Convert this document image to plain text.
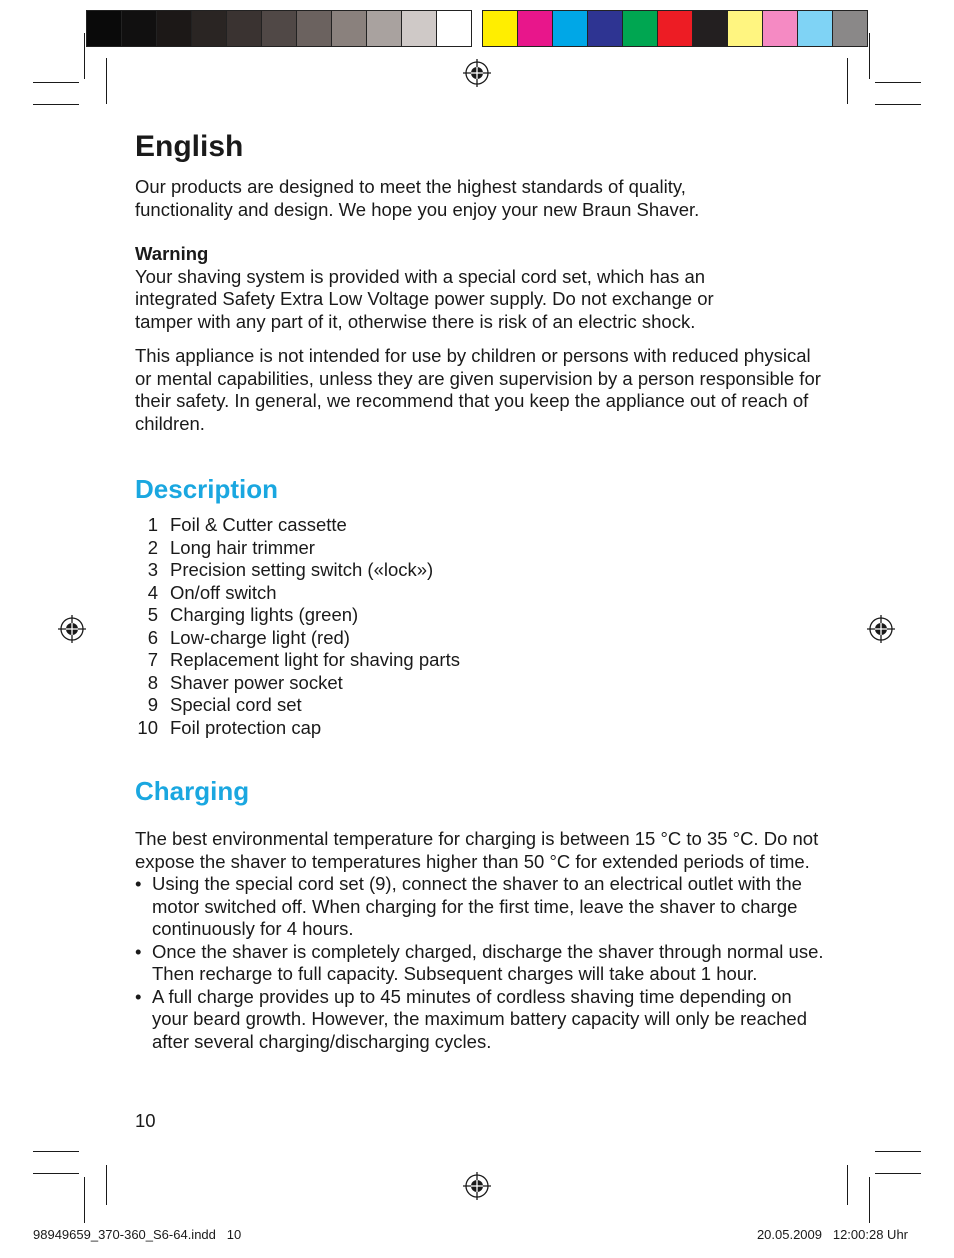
English

Our products are designed to meet the highest standards of quality, functionality and design. We hope you enjoy your new Braun Shaver.

Warning

Your shaving system is provided with a special cord set, which has an integrated Safety Extra Low Voltage power supply. Do not exchange or tamper with any part of it, otherwise there is risk of an electric shock.

This appliance is not intended for use by children or persons with reduced physical or mental capabilities, unless they are given supervision by a person responsible for their safety. In general, we recommend that you keep the appliance out of reach of children.

Description
1 Foil & Cutter cassette
2 Long hair trimmer
3 Precision setting switch («lock»)
4 On/off switch
5 Charging lights (green)
6 Low-charge light (red)
7 Replacement light for shaving parts
8 Shaver power socket
9 Special cord set
10 Foil protection cap
Charging

The best environmental temperature for charging is between 15 °C to 35 °C. Do not expose the shaver to temperatures higher than 50 °C for extended periods of time.

• Using the special cord set (9), connect the shaver to an electrical outlet with the motor switched off. When charging for the first time, leave the shaver to charge continuously for 4 hours.
• Once the shaver is completely charged, discharge the shaver through normal use. Then recharge to full capacity. Subsequent charges will take about 1 hour.
• A full charge provides up to 45 minutes of cordless shaving time depending on your beard growth. However, the maximum battery capacity will only be reached after several charging/discharging cycles.
10
98949659_370-360_S6-64.indd   10	20.05.2009   12:00:28 Uhr
